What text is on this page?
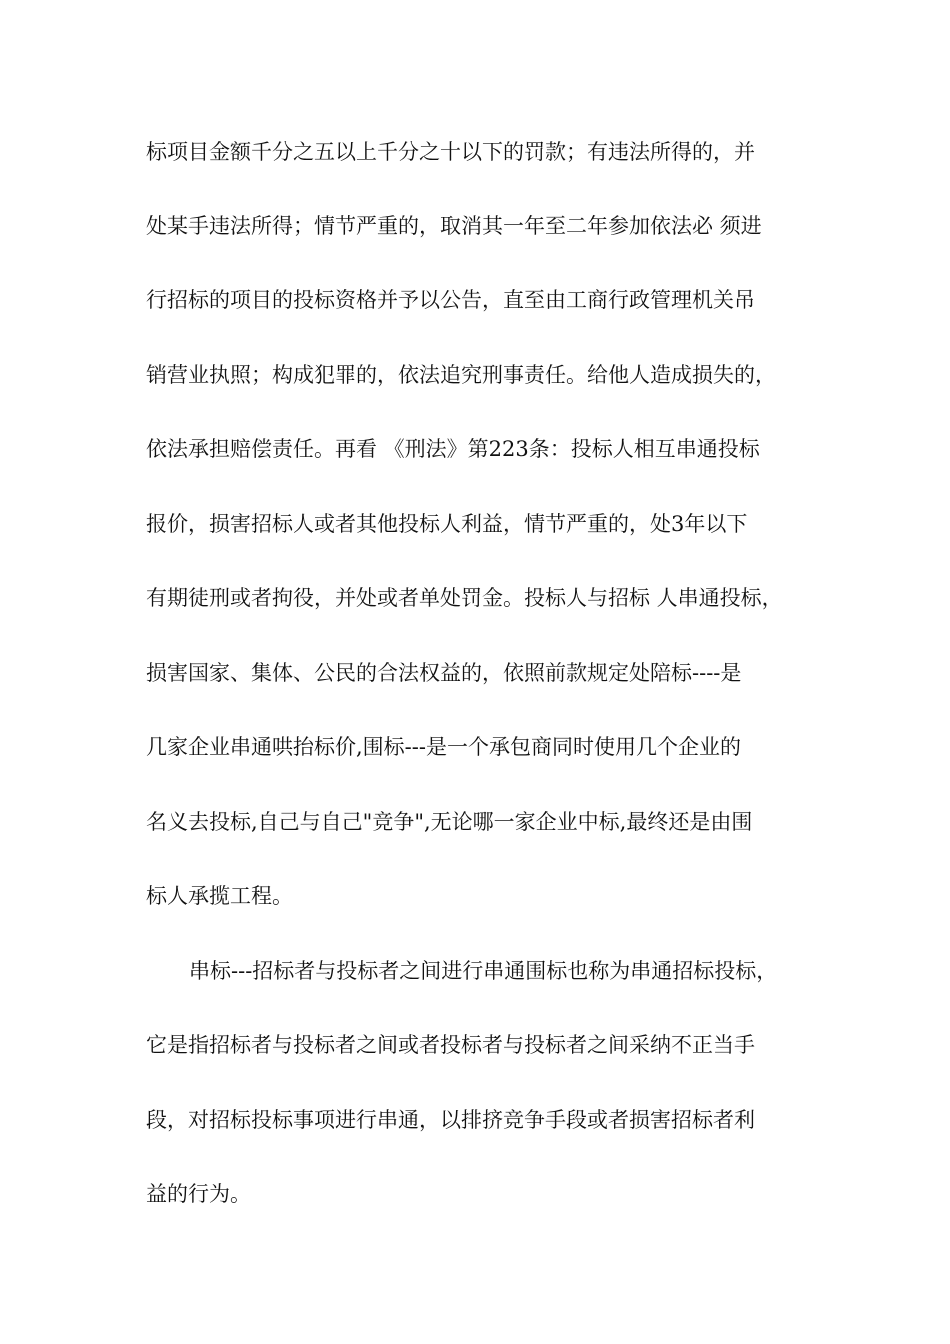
标项目金额千分之五以上千分之十以下的罚款；有违法所得的，并
处某手违法所得；情节严重的，取消其一年至二年参加依法必 须进
行招标的项目的投标资格并予以公告，直至由工商行政管理机关吊
销营业执照；构成犯罪的，依法追究刑事责任。给他人造成损失的，
依法承担赔偿责任。再看 《刑法》第223条：投标人相互串通投标
报价，损害招标人或者其他投标人利益，情节严重的，处3年以下
有期徒刑或者拘役，并处或者单处罚金。投标人与招标 人串通投标，
损害国家、集体、公民的合法权益的，依照前款规定处陪标----是
几家企业串通哄抬标价,围标---是一个承包商同时使用几个企业的
名义去投标,自己与自己"竞争",无论哪一家企业中标,最终还是由围
标人承揽工程。
串标---招标者与投标者之间进行串通围标也称为串通招标投标，
它是指招标者与投标者之间或者投标者与投标者之间采纳不正当手
段，对招标投标事项进行串通，以排挤竞争手段或者损害招标者利
益的行为。
